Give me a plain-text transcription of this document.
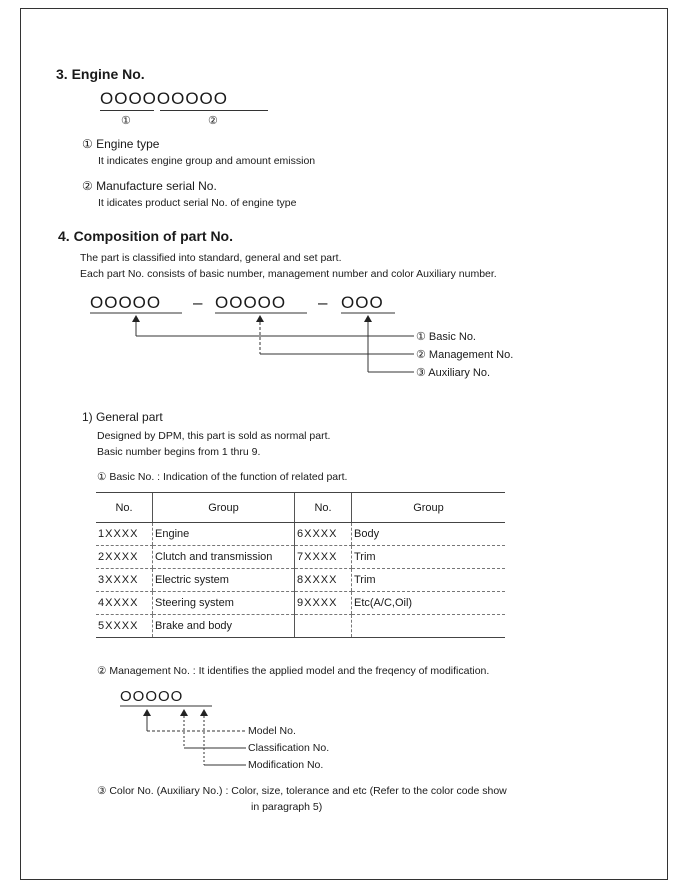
3. Engine No.
OOOOOOOOO
①	②
① Engine type
It indicates engine group and amount emission
② Manufacture serial No.
It idicates product serial No. of engine type
4. Composition of part No.
The part is classified into standard, general and set part.
Each part No. consists of basic number, management number and color Auxiliary number.
OOOOO – OOOOO – OOO
① Basic No.
② Management No.
③ Auxiliary No.
1) General part
Designed by DPM, this part is sold as normal part.
Basic number begins from 1 thru 9.
① Basic No. : Indication of the function of related part.
No.	Group	No.	Group
1XXXX	Engine	6XXXX	Body
2XXXX	Clutch and transmission	7XXXX	Trim
3XXXX	Electric system	8XXXX	Trim
4XXXX	Steering system	9XXXX	Etc(A/C,Oil)
5XXXX	Brake and body		
② Management No. : It identifies the applied model and the freqency of modification.
OOOOO
Model No.
Classification No.
Modification No.
③ Color No. (Auxiliary No.) : Color, size, tolerance and etc (Refer to the color code show
in paragraph 5)
